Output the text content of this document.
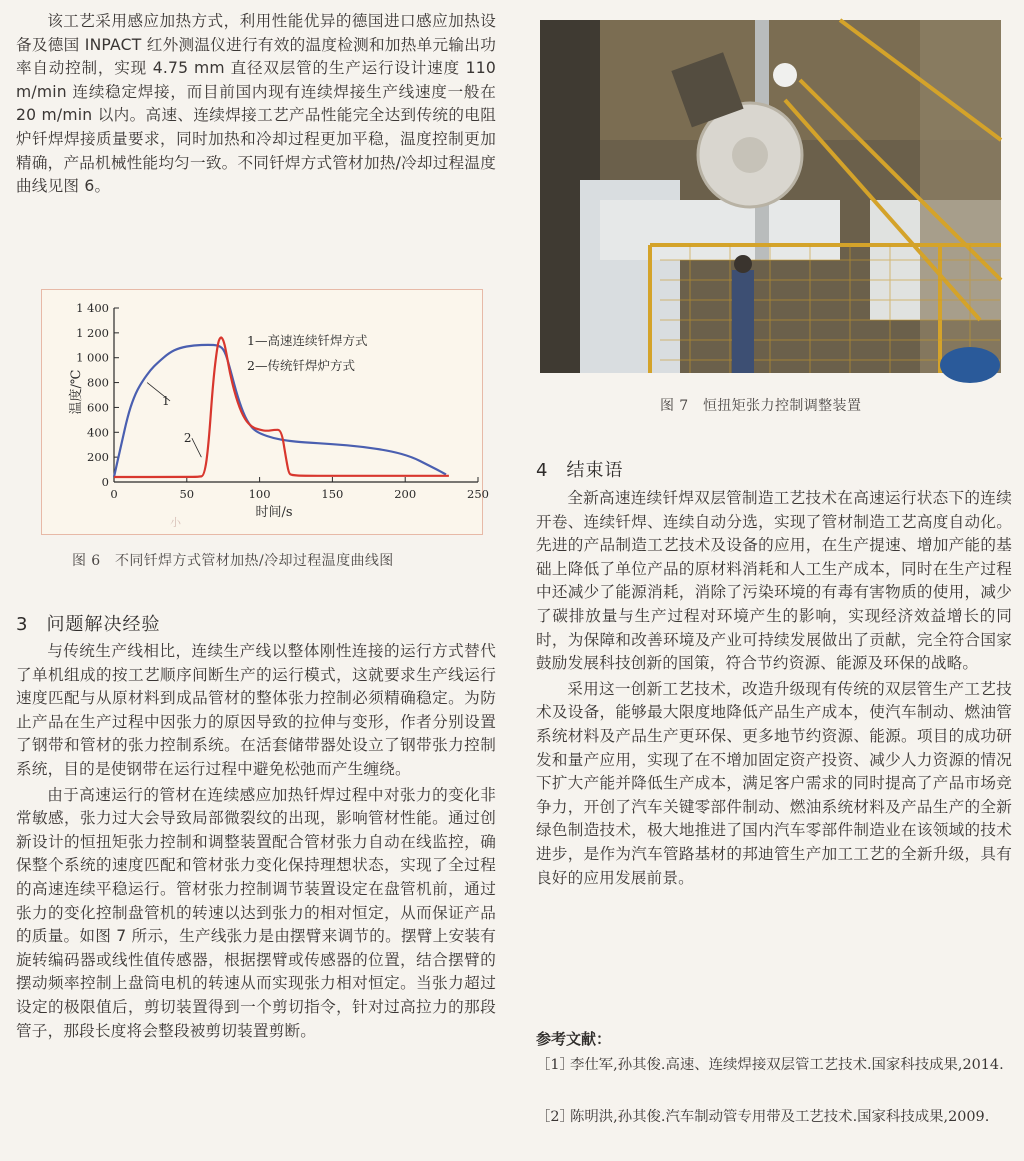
该工艺采用感应加热方式，利用性能优异的德国进口感应加热设备及德国 INPACT 红外测温仪进行有效的温度检测和加热单元输出功率自动控制，实现 4.75 mm 直径双层管的生产运行设计速度 110 m/min 连续稳定焊接，而目前国内现有连续焊接生产线速度一般在 20 m/min 以内。高速、连续焊接工艺产品性能完全达到传统的电阻炉钎焊焊接质量要求，同时加热和冷却过程更加平稳，温度控制更加精确，产品机械性能均匀一致。不同钎焊方式管材加热/冷却过程温度曲线见图 6。

0
200
400
600
800
1 000
1 200
1 400
0	50	100	150	200	250
1
2
1—高速连续钎焊方式
2—传统钎焊炉方式
温度/℃
时间/s
小
图 6　不同钎焊方式管材加热/冷却过程温度曲线图
3 问题解决经验

与传统生产线相比，连续生产线以整体刚性连接的运行方式替代了单机组成的按工艺顺序间断生产的运行模式，这就要求生产线运行速度匹配与从原材料到成品管材的整体张力控制必须精确稳定。为防止产品在生产过程中因张力的原因导致的拉伸与变形，作者分别设置了钢带和管材的张力控制系统。在活套储带器处设立了钢带张力控制系统，目的是使钢带在运行过程中避免松弛而产生缠绕。

由于高速运行的管材在连续感应加热钎焊过程中对张力的变化非常敏感，张力过大会导致局部微裂纹的出现，影响管材性能。通过创新设计的恒扭矩张力控制和调整装置配合管材张力自动在线监控，确保整个系统的速度匹配和管材张力变化保持理想状态，实现了全过程的高速连续平稳运行。管材张力控制调节装置设定在盘管机前，通过张力的变化控制盘管机的转速以达到张力的相对恒定，从而保证产品的质量。如图 7 所示，生产线张力是由摆臂来调节的。摆臂上安装有旋转编码器或线性值传感器，根据摆臂或传感器的位置，结合摆臂的摆动频率控制上盘筒电机的转速从而实现张力相对恒定。当张力超过设定的极限值后，剪切装置得到一个剪切指令，针对过高拉力的那段管子，那段长度将会整段被剪切装置剪断。

图 7　恒扭矩张力控制调整装置
4 结束语

全新高速连续钎焊双层管制造工艺技术在高速运行状态下的连续开卷、连续钎焊、连续自动分选，实现了管材制造工艺高度自动化。先进的产品制造工艺技术及设备的应用，在生产提速、增加产能的基础上降低了单位产品的原材料消耗和人工生产成本，同时在生产过程中还减少了能源消耗，消除了污染环境的有毒有害物质的使用，减少了碳排放量与生产过程对环境产生的影响，实现经济效益增长的同时，为保障和改善环境及产业可持续发展做出了贡献，完全符合国家鼓励发展科技创新的国策，符合节约资源、能源及环保的战略。

采用这一创新工艺技术，改造升级现有传统的双层管生产工艺技术及设备，能够最大限度地降低产品生产成本，使汽车制动、燃油管系统材料及产品生产更环保、更多地节约资源、能源。项目的成功研发和量产应用，实现了在不增加固定资产投资、减少人力资源的情况下扩大产能并降低生产成本，满足客户需求的同时提高了产品市场竞争力，开创了汽车关键零部件制动、燃油系统材料及产品生产的全新绿色制造技术，极大地推进了国内汽车零部件制造业在该领域的技术进步，是作为汽车管路基材的邦迪管生产加工工艺的全新升级，具有良好的应用发展前景。

参考文献：
［1］
李仕军,孙其俊.高速、连续焊接双层管工艺技术.国家科技成果,2014.
［2］
陈明洪,孙其俊.汽车制动管专用带及工艺技术.国家科技成果,2009.
